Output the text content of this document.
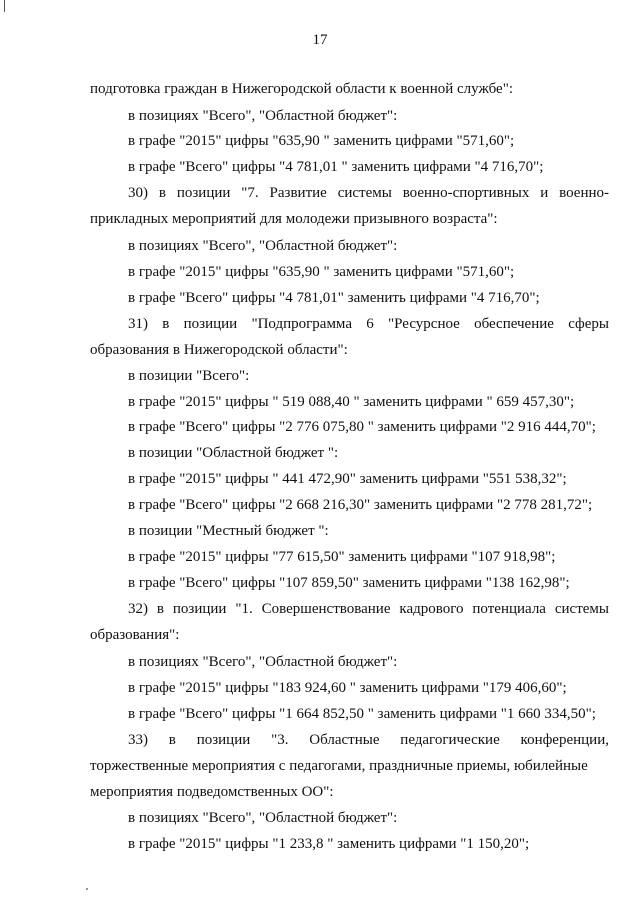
17
подготовка граждан в Нижегородской области к военной службе":
в позициях "Всего", "Областной бюджет":
в графе "2015" цифры "635,90 " заменить цифрами "571,60";
в графе "Всего" цифры "4 781,01 " заменить цифрами "4 716,70";
30) в позиции "7. Развитие системы военно-спортивных и военно-
прикладных мероприятий для молодежи призывного возраста":
в позициях "Всего", "Областной бюджет":
в графе "2015" цифры "635,90 " заменить цифрами "571,60";
в графе "Всего" цифры "4 781,01" заменить цифрами "4 716,70";
31) в позиции "Подпрограмма 6 "Ресурсное обеспечение сферы
образования в Нижегородской области":
в позиции "Всего":
в графе "2015" цифры " 519 088,40 " заменить цифрами " 659 457,30";
в графе "Всего" цифры "2 776 075,80 " заменить цифрами "2 916 444,70";
в позиции "Областной бюджет ":
в графе "2015" цифры " 441 472,90" заменить цифрами "551 538,32";
в графе "Всего" цифры "2 668 216,30" заменить цифрами "2 778 281,72";
в позиции "Местный бюджет ":
в графе "2015" цифры "77 615,50" заменить цифрами "107 918,98";
в графе "Всего" цифры "107 859,50" заменить цифрами "138 162,98";
32) в позиции "1. Совершенствование кадрового потенциала системы
образования":
в позициях "Всего", "Областной бюджет":
в графе "2015" цифры "183 924,60 " заменить цифрами "179 406,60";
в графе "Всего" цифры "1 664 852,50 " заменить цифрами "1 660 334,50";
33) в позиции "3. Областные педагогические конференции,
торжественные мероприятия с педагогами, праздничные приемы, юбилейные
мероприятия подведомственных ОО":
в позициях "Всего", "Областной бюджет":
в графе "2015" цифры "1 233,8 " заменить цифрами "1 150,20";
